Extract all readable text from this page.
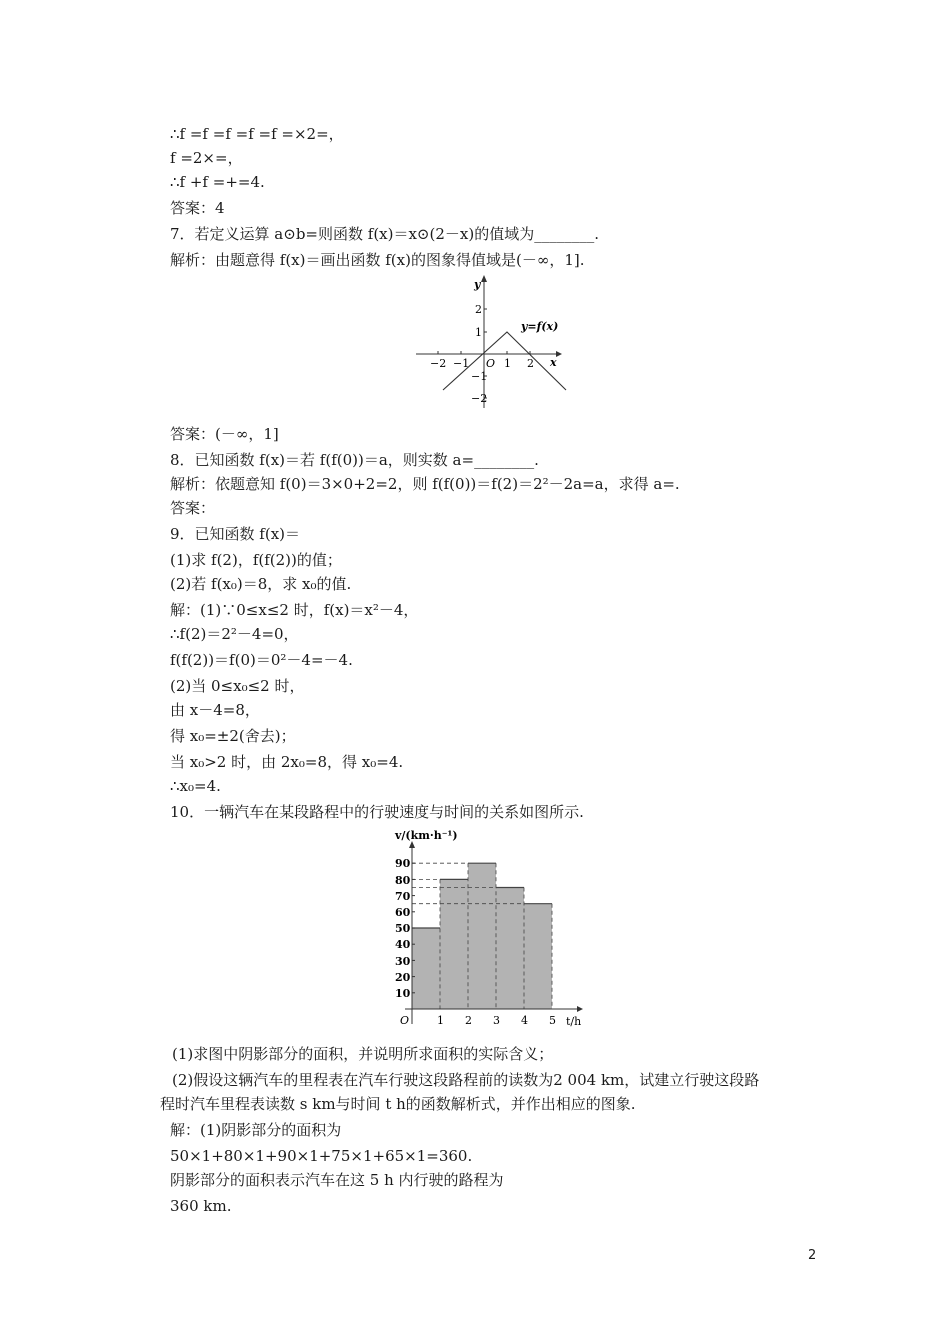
∴f =f =f =f =f =×2=，
f =2×=，
∴f +f =+=4.
答案：4
7．若定义运算 a⊙b=则函数 f(x)＝x⊙(2－x)的值域为________.
解析：由题意得 f(x)＝画出函数 f(x)的图象得值域是(－∞，1].
y
x
O
y=f(x)
−2 −1	1 2
2
1
−1
−2
答案：(－∞，1]
8．已知函数 f(x)＝若 f(f(0))＝a，则实数 a=________.
解析：依题意知 f(0)＝3×0+2=2，则 f(f(0))＝f(2)＝2²－2a=a，求得 a=.
答案：
9．已知函数 f(x)＝
(1)求 f(2)，f(f(2))的值；
(2)若 f(x₀)＝8，求 x₀的值.
解：(1)∵0≤x≤2 时，f(x)＝x²－4，
∴f(2)＝2²－4=0，
f(f(2))＝f(0)＝0²－4=－4.
(2)当 0≤x₀≤2 时，
由 x－4=8，
得 x₀=±2(舍去)；
当 x₀>2 时，由 2x₀=8，得 x₀=4.
∴x₀=4.
10．一辆汽车在某段路程中的行驶速度与时间的关系如图所示.
v/(km·h⁻¹)
t/h
O
10
20
30
40
50
60
70
80
90
1 2 3 4 5
(1)求图中阴影部分的面积，并说明所求面积的实际含义；
(2)假设这辆汽车的里程表在汽车行驶这段路程前的读数为2 004 km，试建立行驶这段路
程时汽车里程表读数 s km与时间 t h的函数解析式，并作出相应的图象.
解：(1)阴影部分的面积为
50×1+80×1+90×1+75×1+65×1=360.
阴影部分的面积表示汽车在这 5 h 内行驶的路程为
360 km.
2
